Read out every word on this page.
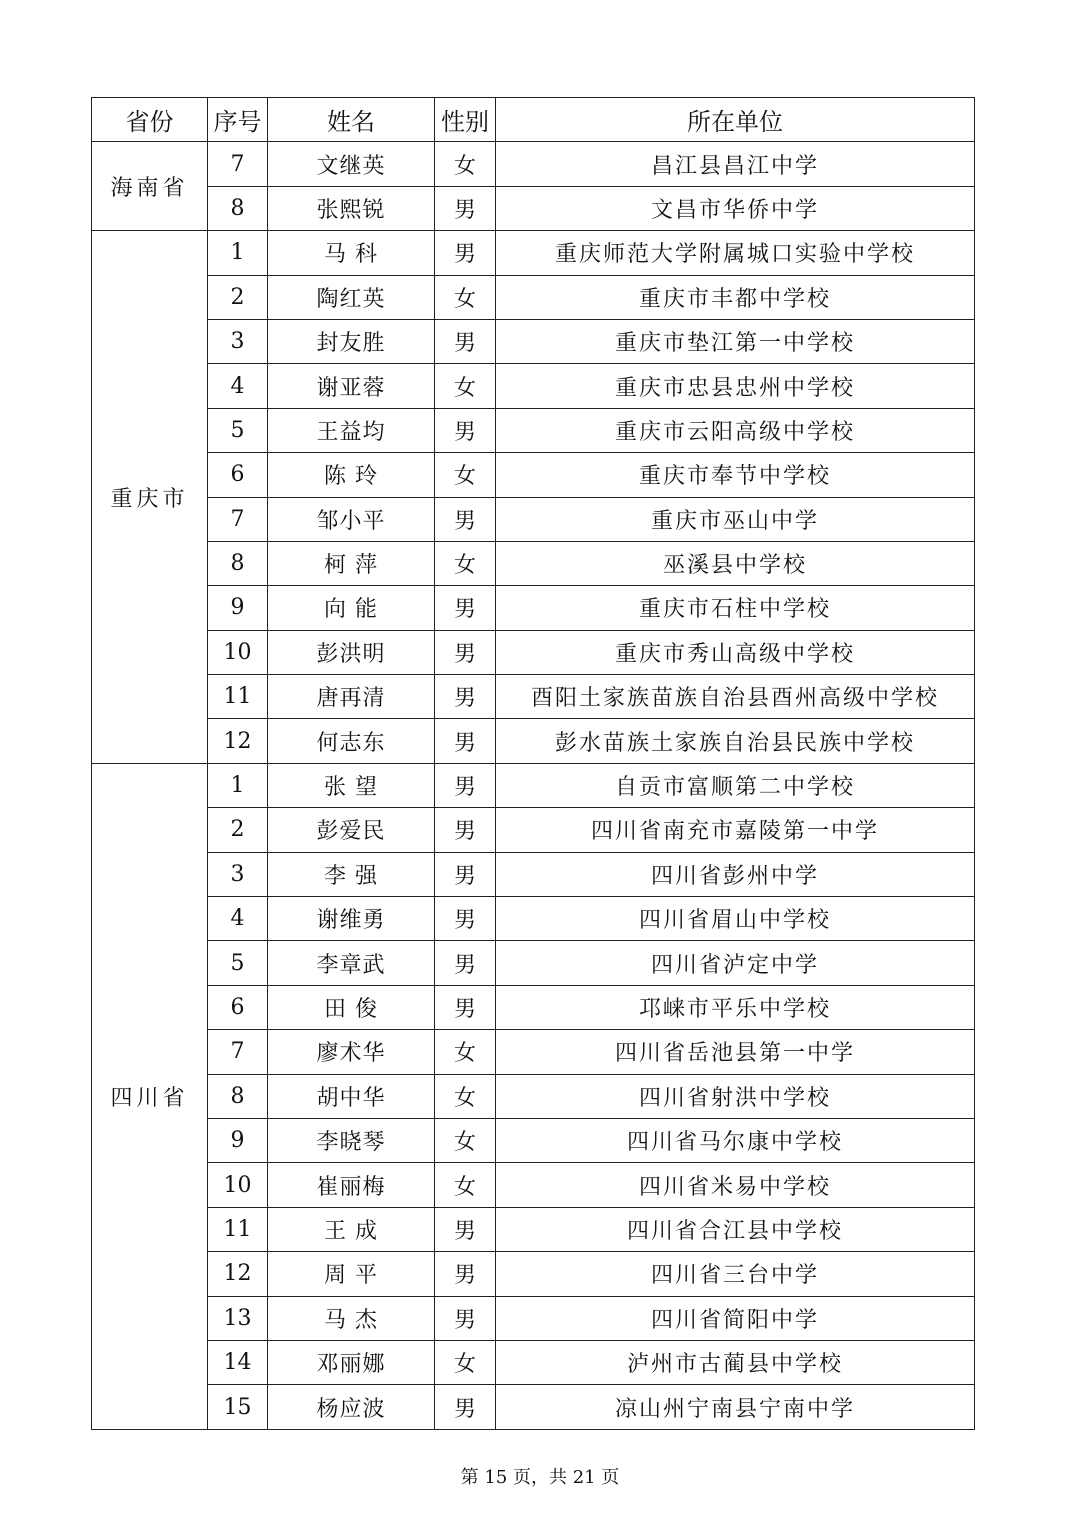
省份	序号	姓名	性别	所在单位
海南省	7	文继英	女	昌江县昌江中学
	8	张熙锐	男	文昌市华侨中学
重庆市	1	马 科	男	重庆师范大学附属城口实验中学校
	2	陶红英	女	重庆市丰都中学校
	3	封友胜	男	重庆市垫江第一中学校
	4	谢亚蓉	女	重庆市忠县忠州中学校
	5	王益均	男	重庆市云阳高级中学校
	6	陈 玲	女	重庆市奉节中学校
	7	邹小平	男	重庆市巫山中学
	8	柯 萍	女	巫溪县中学校
	9	向 能	男	重庆市石柱中学校
	10	彭洪明	男	重庆市秀山高级中学校
	11	唐再清	男	酉阳土家族苗族自治县酉州高级中学校
	12	何志东	男	彭水苗族土家族自治县民族中学校
四川省	1	张 望	男	自贡市富顺第二中学校
	2	彭爱民	男	四川省南充市嘉陵第一中学
	3	李 强	男	四川省彭州中学
	4	谢维勇	男	四川省眉山中学校
	5	李章武	男	四川省泸定中学
	6	田 俊	男	邛崃市平乐中学校
	7	廖术华	女	四川省岳池县第一中学
	8	胡中华	女	四川省射洪中学校
	9	李晓琴	女	四川省马尔康中学校
	10	崔丽梅	女	四川省米易中学校
	11	王 成	男	四川省合江县中学校
	12	周 平	男	四川省三台中学
	13	马 杰	男	四川省简阳中学
	14	邓丽娜	女	泸州市古蔺县中学校
	15	杨应波	男	凉山州宁南县宁南中学
第 15 页，共 21 页
